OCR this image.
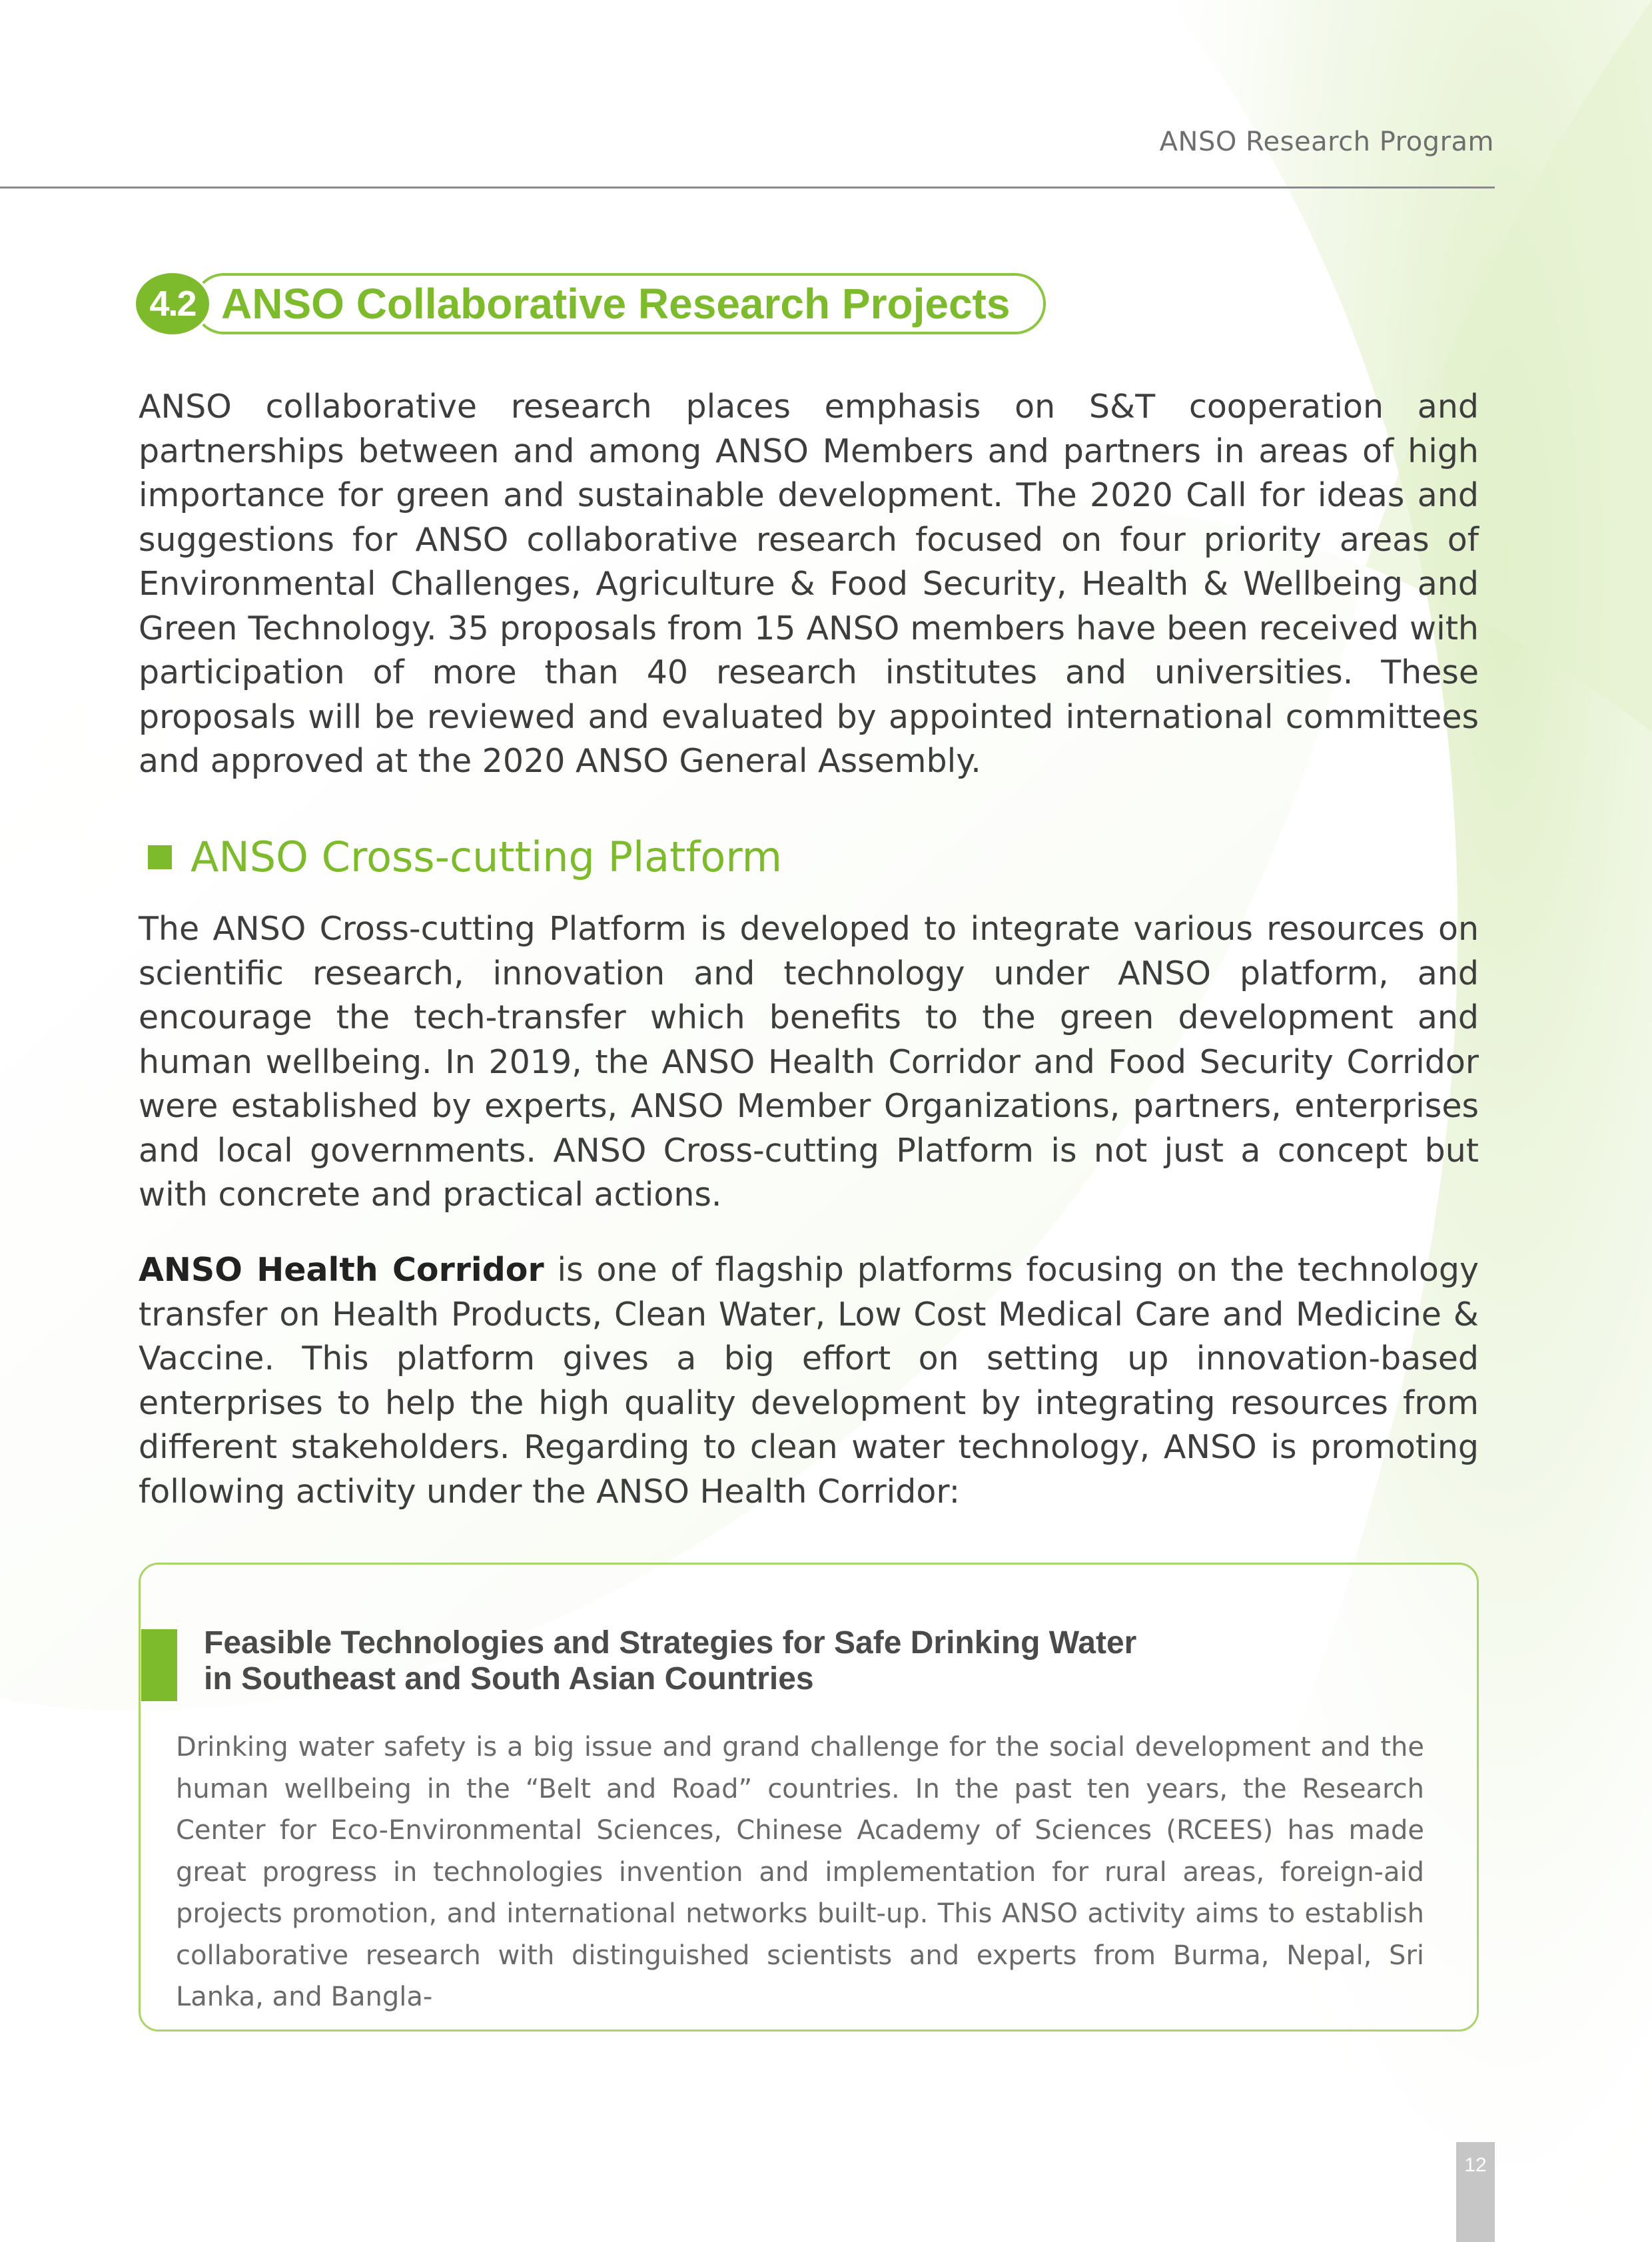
ANSO Research Program
4.2 ANSO Collaborative Research Projects
ANSO collaborative research places emphasis on S&T cooperation and partnerships between and among ANSO Members and partners in areas of high importance for green and sustainable development. The 2020 Call for ideas and suggestions for ANSO collaborative research focused on four priority areas of Environmental Challenges, Agriculture & Food Security, Health & Wellbeing and Green Technology. 35 proposals from 15 ANSO members have been received with participation of more than 40 research institutes and universities. These proposals will be reviewed and evaluated by appointed international committees and approved at the 2020 ANSO General Assembly.
ANSO Cross-cutting Platform
The ANSO Cross-cutting Platform is developed to integrate various resources on scientific research, innovation and technology under ANSO platform, and encourage the tech-transfer which benefits to the green development and human wellbeing. In 2019, the ANSO Health Corridor and Food Security Corridor were established by experts, ANSO Member Organizations, partners, enterprises and local governments. ANSO Cross-cutting Platform is not just a concept but with concrete and practical actions.
ANSO Health Corridor is one of flagship platforms focusing on the technology transfer on Health Products, Clean Water, Low Cost Medical Care and Medicine & Vaccine. This platform gives a big effort on setting up innovation-based enterprises to help the high quality development by integrating resources from different stakeholders. Regarding to clean water technology, ANSO is promoting following activity under the ANSO Health Corridor:
Feasible Technologies and Strategies for Safe Drinking Water
in Southeast and South Asian Countries
Drinking water safety is a big issue and grand challenge for the social development and the human wellbeing in the “Belt and Road” countries. In the past ten years, the Research Center for Eco-Environmental Sciences, Chinese Academy of Sciences (RCEES) has made great progress in technologies invention and implementation for rural areas, foreign-aid projects promotion, and international networks built-up. This ANSO activity aims to establish collaborative research with distinguished scientists and experts from Burma, Nepal, Sri Lanka, and Bangla-
12
